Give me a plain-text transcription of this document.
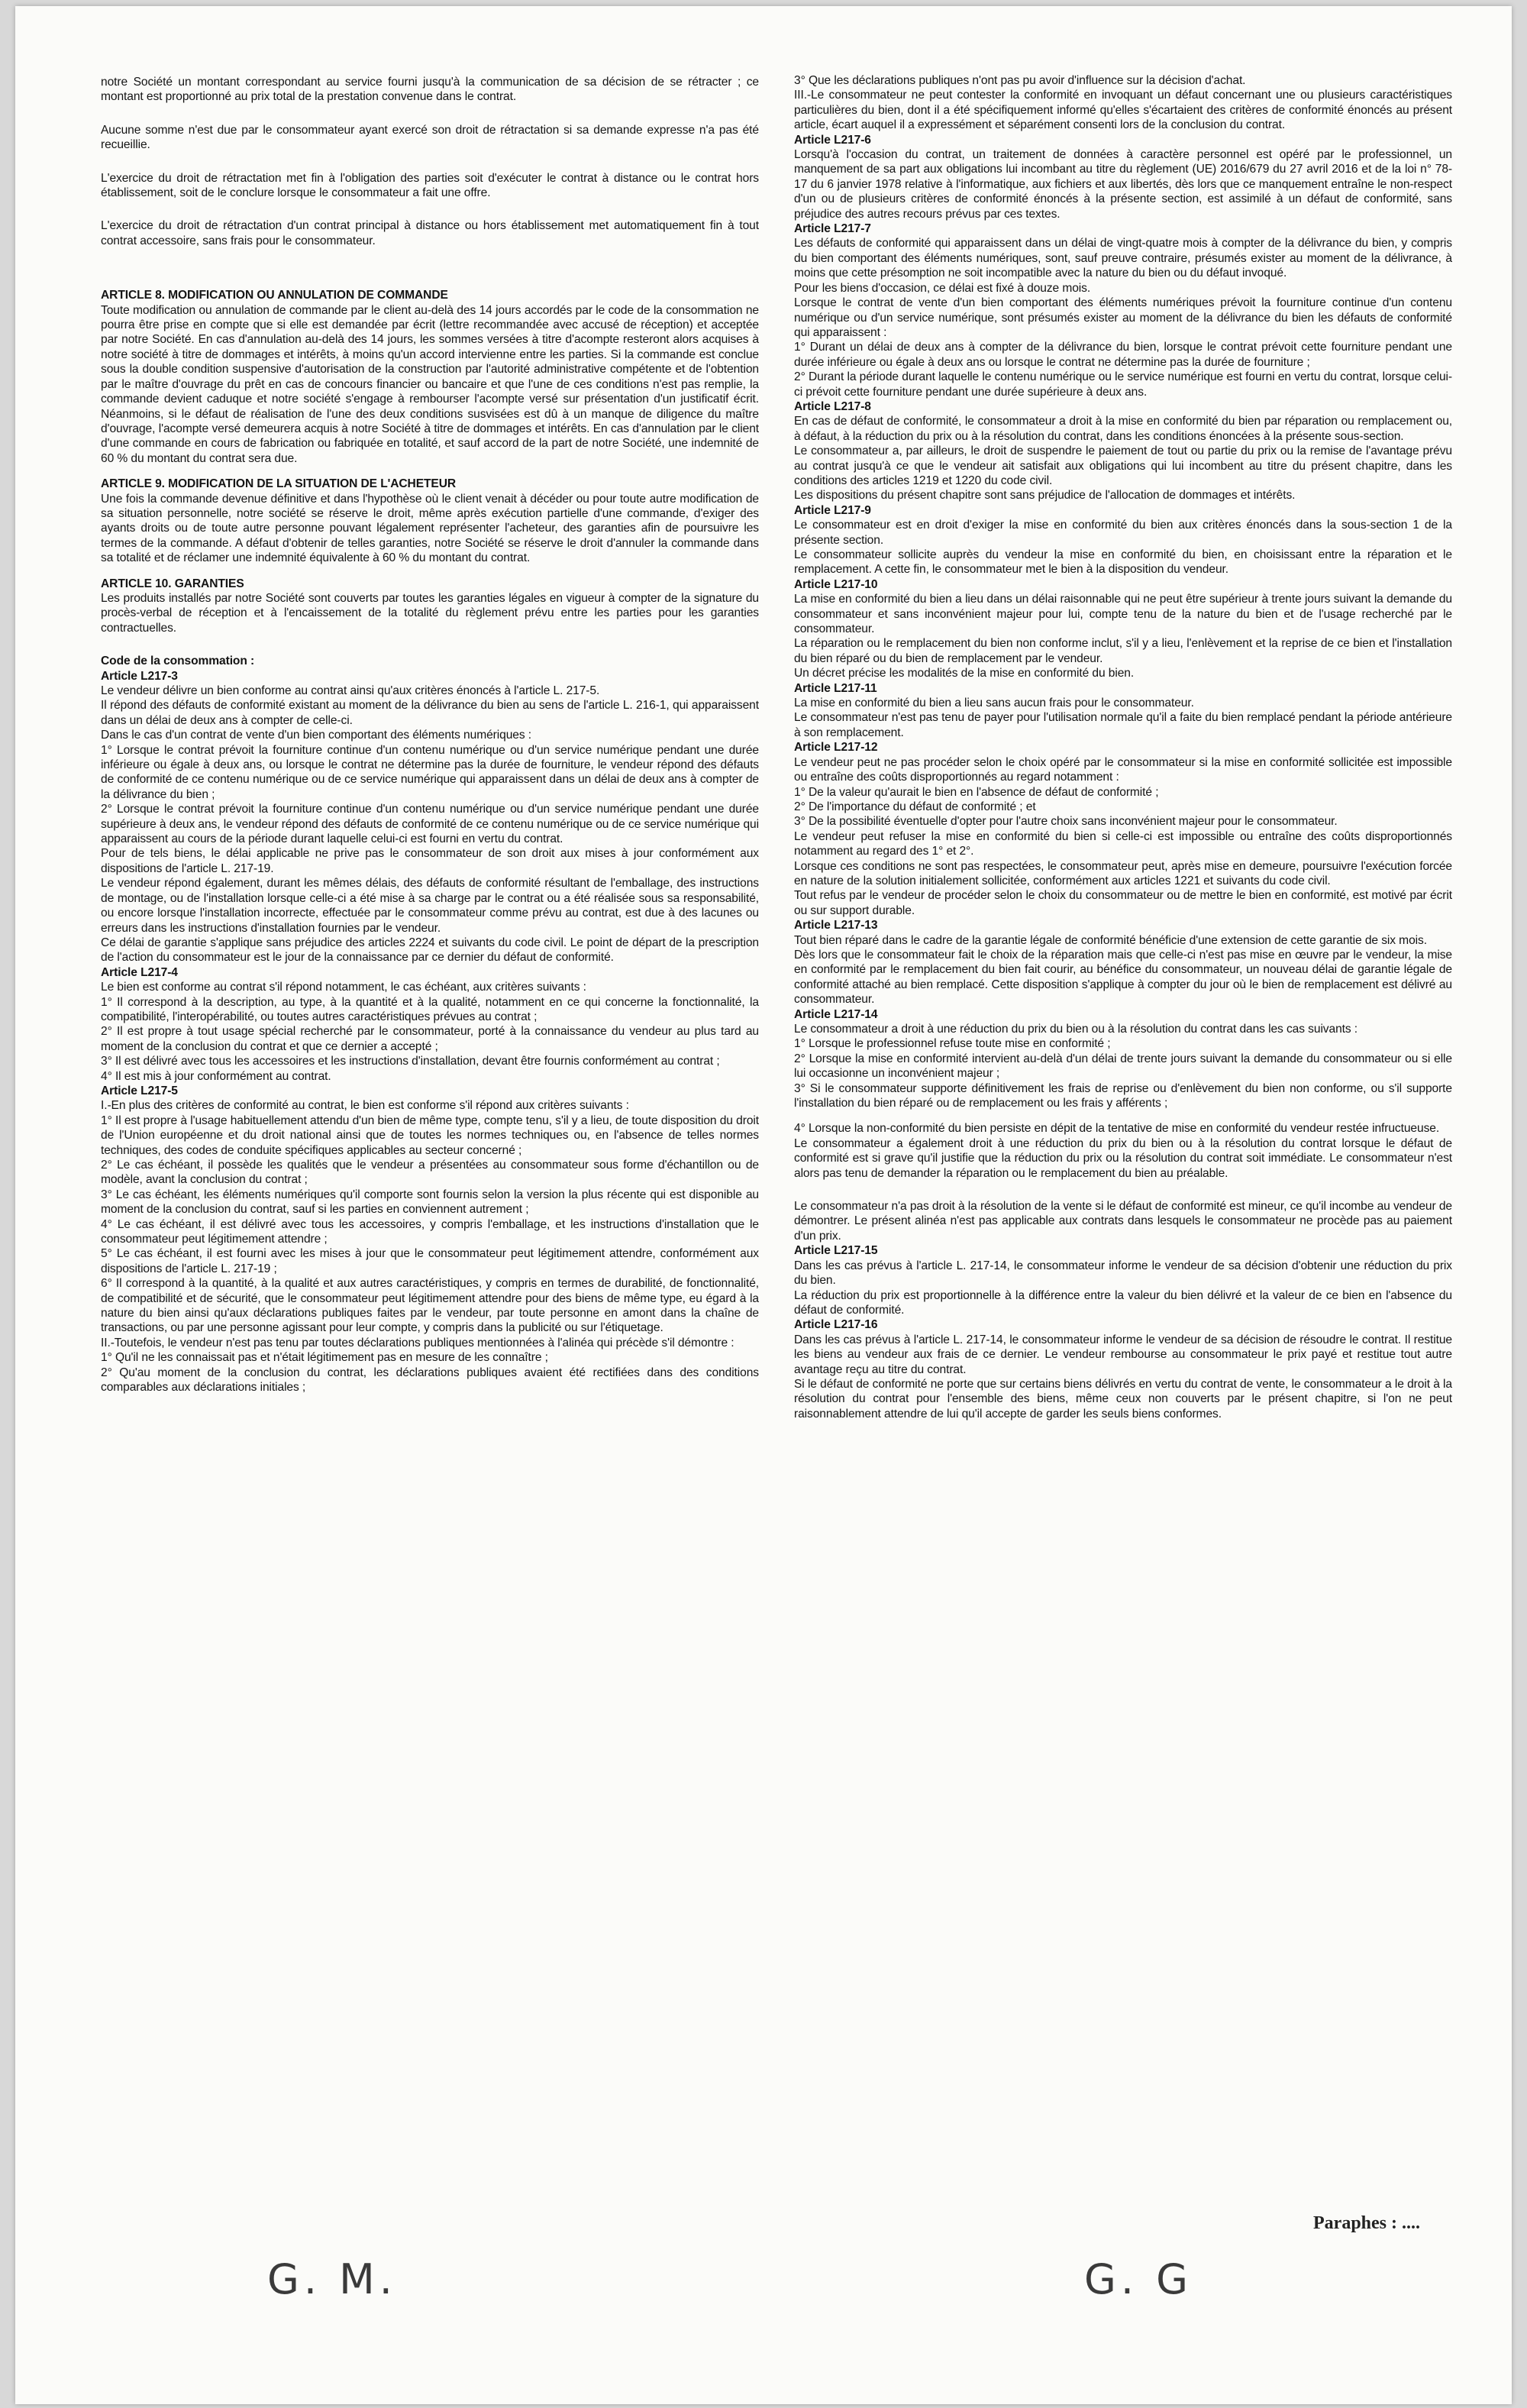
notre Société un montant correspondant au service fourni jusqu'à la communication de sa décision de se rétracter ; ce montant est proportionné au prix total de la prestation convenue dans le contrat.

Aucune somme n'est due par le consommateur ayant exercé son droit de rétractation si sa demande expresse n'a pas été recueillie.

L'exercice du droit de rétractation met fin à l'obligation des parties soit d'exécuter le contrat à distance ou le contrat hors établissement, soit de le conclure lorsque le consommateur a fait une offre.

L'exercice du droit de rétractation d'un contrat principal à distance ou hors établissement met automatiquement fin à tout contrat accessoire, sans frais pour le consommateur.

ARTICLE 8. MODIFICATION OU ANNULATION DE COMMANDE

Toute modification ou annulation de commande par le client au-delà des 14 jours accordés par le code de la consommation ne pourra être prise en compte que si elle est demandée par écrit (lettre recommandée avec accusé de réception) et acceptée par notre Société. En cas d'annulation au-delà des 14 jours, les sommes versées à titre d'acompte resteront alors acquises à notre société à titre de dommages et intérêts, à moins qu'un accord intervienne entre les parties. Si la commande est conclue sous la double condition suspensive d'autorisation de la construction par l'autorité administrative compétente et de l'obtention par le maître d'ouvrage du prêt en cas de concours financier ou bancaire et que l'une de ces conditions n'est pas remplie, la commande devient caduque et notre société s'engage à rembourser l'acompte versé sur présentation d'un justificatif écrit. Néanmoins, si le défaut de réalisation de l'une des deux conditions susvisées est dû à un manque de diligence du maître d'ouvrage, l'acompte versé demeurera acquis à notre Société à titre de dommages et intérêts. En cas d'annulation par le client d'une commande en cours de fabrication ou fabriquée en totalité, et sauf accord de la part de notre Société, une indemnité de 60 % du montant du contrat sera due.

ARTICLE 9. MODIFICATION DE LA SITUATION DE L'ACHETEUR

Une fois la commande devenue définitive et dans l'hypothèse où le client venait à décéder ou pour toute autre modification de sa situation personnelle, notre société se réserve le droit, même après exécution partielle d'une commande, d'exiger des ayants droits ou de toute autre personne pouvant légalement représenter l'acheteur, des garanties afin de poursuivre les termes de la commande. A défaut d'obtenir de telles garanties, notre Société se réserve le droit d'annuler la commande dans sa totalité et de réclamer une indemnité équivalente à 60 % du montant du contrat.

ARTICLE 10. GARANTIES

Les produits installés par notre Société sont couverts par toutes les garanties légales en vigueur à compter de la signature du procès-verbal de réception et à l'encaissement de la totalité du règlement prévu entre les parties pour les garanties contractuelles.

Code de la consommation :

Article L217-3

Le vendeur délivre un bien conforme au contrat ainsi qu'aux critères énoncés à l'article L. 217-5.

Il répond des défauts de conformité existant au moment de la délivrance du bien au sens de l'article L. 216-1, qui apparaissent dans un délai de deux ans à compter de celle-ci.

Dans le cas d'un contrat de vente d'un bien comportant des éléments numériques :

1° Lorsque le contrat prévoit la fourniture continue d'un contenu numérique ou d'un service numérique pendant une durée inférieure ou égale à deux ans, ou lorsque le contrat ne détermine pas la durée de fourniture, le vendeur répond des défauts de conformité de ce contenu numérique ou de ce service numérique qui apparaissent dans un délai de deux ans à compter de la délivrance du bien ;

2° Lorsque le contrat prévoit la fourniture continue d'un contenu numérique ou d'un service numérique pendant une durée supérieure à deux ans, le vendeur répond des défauts de conformité de ce contenu numérique ou de ce service numérique qui apparaissent au cours de la période durant laquelle celui-ci est fourni en vertu du contrat.

Pour de tels biens, le délai applicable ne prive pas le consommateur de son droit aux mises à jour conformément aux dispositions de l'article L. 217-19.

Le vendeur répond également, durant les mêmes délais, des défauts de conformité résultant de l'emballage, des instructions de montage, ou de l'installation lorsque celle-ci a été mise à sa charge par le contrat ou a été réalisée sous sa responsabilité, ou encore lorsque l'installation incorrecte, effectuée par le consommateur comme prévu au contrat, est due à des lacunes ou erreurs dans les instructions d'installation fournies par le vendeur.

Ce délai de garantie s'applique sans préjudice des articles 2224 et suivants du code civil. Le point de départ de la prescription de l'action du consommateur est le jour de la connaissance par ce dernier du défaut de conformité.

Article L217-4

Le bien est conforme au contrat s'il répond notamment, le cas échéant, aux critères suivants :

1° Il correspond à la description, au type, à la quantité et à la qualité, notamment en ce qui concerne la fonctionnalité, la compatibilité, l'interopérabilité, ou toutes autres caractéristiques prévues au contrat ;

2° Il est propre à tout usage spécial recherché par le consommateur, porté à la connaissance du vendeur au plus tard au moment de la conclusion du contrat et que ce dernier a accepté ;

3° Il est délivré avec tous les accessoires et les instructions d'installation, devant être fournis conformément au contrat ;

4° Il est mis à jour conformément au contrat.

Article L217-5

I.-En plus des critères de conformité au contrat, le bien est conforme s'il répond aux critères suivants :

1° Il est propre à l'usage habituellement attendu d'un bien de même type, compte tenu, s'il y a lieu, de toute disposition du droit de l'Union européenne et du droit national ainsi que de toutes les normes techniques ou, en l'absence de telles normes techniques, des codes de conduite spécifiques applicables au secteur concerné ;

2° Le cas échéant, il possède les qualités que le vendeur a présentées au consommateur sous forme d'échantillon ou de modèle, avant la conclusion du contrat ;

3° Le cas échéant, les éléments numériques qu'il comporte sont fournis selon la version la plus récente qui est disponible au moment de la conclusion du contrat, sauf si les parties en conviennent autrement ;

4° Le cas échéant, il est délivré avec tous les accessoires, y compris l'emballage, et les instructions d'installation que le consommateur peut légitimement attendre ;

5° Le cas échéant, il est fourni avec les mises à jour que le consommateur peut légitimement attendre, conformément aux dispositions de l'article L. 217-19 ;

6° Il correspond à la quantité, à la qualité et aux autres caractéristiques, y compris en termes de durabilité, de fonctionnalité, de compatibilité et de sécurité, que le consommateur peut légitimement attendre pour des biens de même type, eu égard à la nature du bien ainsi qu'aux déclarations publiques faites par le vendeur, par toute personne en amont dans la chaîne de transactions, ou par une personne agissant pour leur compte, y compris dans la publicité ou sur l'étiquetage.

II.-Toutefois, le vendeur n'est pas tenu par toutes déclarations publiques mentionnées à l'alinéa qui précède s'il démontre :

1° Qu'il ne les connaissait pas et n'était légitimement pas en mesure de les connaître ;

2° Qu'au moment de la conclusion du contrat, les déclarations publiques avaient été rectifiées dans des conditions comparables aux déclarations initiales ;

3° Que les déclarations publiques n'ont pas pu avoir d'influence sur la décision d'achat.

III.-Le consommateur ne peut contester la conformité en invoquant un défaut concernant une ou plusieurs caractéristiques particulières du bien, dont il a été spécifiquement informé qu'elles s'écartaient des critères de conformité énoncés au présent article, écart auquel il a expressément et séparément consenti lors de la conclusion du contrat.

Article L217-6

Lorsqu'à l'occasion du contrat, un traitement de données à caractère personnel est opéré par le professionnel, un manquement de sa part aux obligations lui incombant au titre du règlement (UE) 2016/679 du 27 avril 2016 et de la loi n° 78-17 du 6 janvier 1978 relative à l'informatique, aux fichiers et aux libertés, dès lors que ce manquement entraîne le non-respect d'un ou de plusieurs critères de conformité énoncés à la présente section, est assimilé à un défaut de conformité, sans préjudice des autres recours prévus par ces textes.

Article L217-7

Les défauts de conformité qui apparaissent dans un délai de vingt-quatre mois à compter de la délivrance du bien, y compris du bien comportant des éléments numériques, sont, sauf preuve contraire, présumés exister au moment de la délivrance, à moins que cette présomption ne soit incompatible avec la nature du bien ou du défaut invoqué.

Pour les biens d'occasion, ce délai est fixé à douze mois.

Lorsque le contrat de vente d'un bien comportant des éléments numériques prévoit la fourniture continue d'un contenu numérique ou d'un service numérique, sont présumés exister au moment de la délivrance du bien les défauts de conformité qui apparaissent :

1° Durant un délai de deux ans à compter de la délivrance du bien, lorsque le contrat prévoit cette fourniture pendant une durée inférieure ou égale à deux ans ou lorsque le contrat ne détermine pas la durée de fourniture ;

2° Durant la période durant laquelle le contenu numérique ou le service numérique est fourni en vertu du contrat, lorsque celui-ci prévoit cette fourniture pendant une durée supérieure à deux ans.

Article L217-8

En cas de défaut de conformité, le consommateur a droit à la mise en conformité du bien par réparation ou remplacement ou, à défaut, à la réduction du prix ou à la résolution du contrat, dans les conditions énoncées à la présente sous-section.

Le consommateur a, par ailleurs, le droit de suspendre le paiement de tout ou partie du prix ou la remise de l'avantage prévu au contrat jusqu'à ce que le vendeur ait satisfait aux obligations qui lui incombent au titre du présent chapitre, dans les conditions des articles 1219 et 1220 du code civil.

Les dispositions du présent chapitre sont sans préjudice de l'allocation de dommages et intérêts.

Article L217-9

Le consommateur est en droit d'exiger la mise en conformité du bien aux critères énoncés dans la sous-section 1 de la présente section.

Le consommateur sollicite auprès du vendeur la mise en conformité du bien, en choisissant entre la réparation et le remplacement. A cette fin, le consommateur met le bien à la disposition du vendeur.

Article L217-10

La mise en conformité du bien a lieu dans un délai raisonnable qui ne peut être supérieur à trente jours suivant la demande du consommateur et sans inconvénient majeur pour lui, compte tenu de la nature du bien et de l'usage recherché par le consommateur.

La réparation ou le remplacement du bien non conforme inclut, s'il y a lieu, l'enlèvement et la reprise de ce bien et l'installation du bien réparé ou du bien de remplacement par le vendeur.

Un décret précise les modalités de la mise en conformité du bien.

Article L217-11

La mise en conformité du bien a lieu sans aucun frais pour le consommateur.

Le consommateur n'est pas tenu de payer pour l'utilisation normale qu'il a faite du bien remplacé pendant la période antérieure à son remplacement.

Article L217-12

Le vendeur peut ne pas procéder selon le choix opéré par le consommateur si la mise en conformité sollicitée est impossible ou entraîne des coûts disproportionnés au regard notamment :

1° De la valeur qu'aurait le bien en l'absence de défaut de conformité ;

2° De l'importance du défaut de conformité ; et

3° De la possibilité éventuelle d'opter pour l'autre choix sans inconvénient majeur pour le consommateur.

Le vendeur peut refuser la mise en conformité du bien si celle-ci est impossible ou entraîne des coûts disproportionnés notamment au regard des 1° et 2°.

Lorsque ces conditions ne sont pas respectées, le consommateur peut, après mise en demeure, poursuivre l'exécution forcée en nature de la solution initialement sollicitée, conformément aux articles 1221 et suivants du code civil.

Tout refus par le vendeur de procéder selon le choix du consommateur ou de mettre le bien en conformité, est motivé par écrit ou sur support durable.

Article L217-13

Tout bien réparé dans le cadre de la garantie légale de conformité bénéficie d'une extension de cette garantie de six mois.

Dès lors que le consommateur fait le choix de la réparation mais que celle-ci n'est pas mise en œuvre par le vendeur, la mise en conformité par le remplacement du bien fait courir, au bénéfice du consommateur, un nouveau délai de garantie légale de conformité attaché au bien remplacé. Cette disposition s'applique à compter du jour où le bien de remplacement est délivré au consommateur.

Article L217-14

Le consommateur a droit à une réduction du prix du bien ou à la résolution du contrat dans les cas suivants :

1° Lorsque le professionnel refuse toute mise en conformité ;

2° Lorsque la mise en conformité intervient au-delà d'un délai de trente jours suivant la demande du consommateur ou si elle lui occasionne un inconvénient majeur ;

3° Si le consommateur supporte définitivement les frais de reprise ou d'enlèvement du bien non conforme, ou s'il supporte l'installation du bien réparé ou de remplacement ou les frais y afférents ;

4° Lorsque la non-conformité du bien persiste en dépit de la tentative de mise en conformité du vendeur restée infructueuse.

Le consommateur a également droit à une réduction du prix du bien ou à la résolution du contrat lorsque le défaut de conformité est si grave qu'il justifie que la réduction du prix ou la résolution du contrat soit immédiate. Le consommateur n'est alors pas tenu de demander la réparation ou le remplacement du bien au préalable.

Le consommateur n'a pas droit à la résolution de la vente si le défaut de conformité est mineur, ce qu'il incombe au vendeur de démontrer. Le présent alinéa n'est pas applicable aux contrats dans lesquels le consommateur ne procède pas au paiement d'un prix.

Article L217-15

Dans les cas prévus à l'article L. 217-14, le consommateur informe le vendeur de sa décision d'obtenir une réduction du prix du bien.

La réduction du prix est proportionnelle à la différence entre la valeur du bien délivré et la valeur de ce bien en l'absence du défaut de conformité.

Article L217-16

Dans les cas prévus à l'article L. 217-14, le consommateur informe le vendeur de sa décision de résoudre le contrat. Il restitue les biens au vendeur aux frais de ce dernier. Le vendeur rembourse au consommateur le prix payé et restitue tout autre avantage reçu au titre du contrat.

Si le défaut de conformité ne porte que sur certains biens délivrés en vertu du contrat de vente, le consommateur a le droit à la résolution du contrat pour l'ensemble des biens, même ceux non couverts par le présent chapitre, si l'on ne peut raisonnablement attendre de lui qu'il accepte de garder les seuls biens conformes.

Paraphes : ....
G. M.	G. G
